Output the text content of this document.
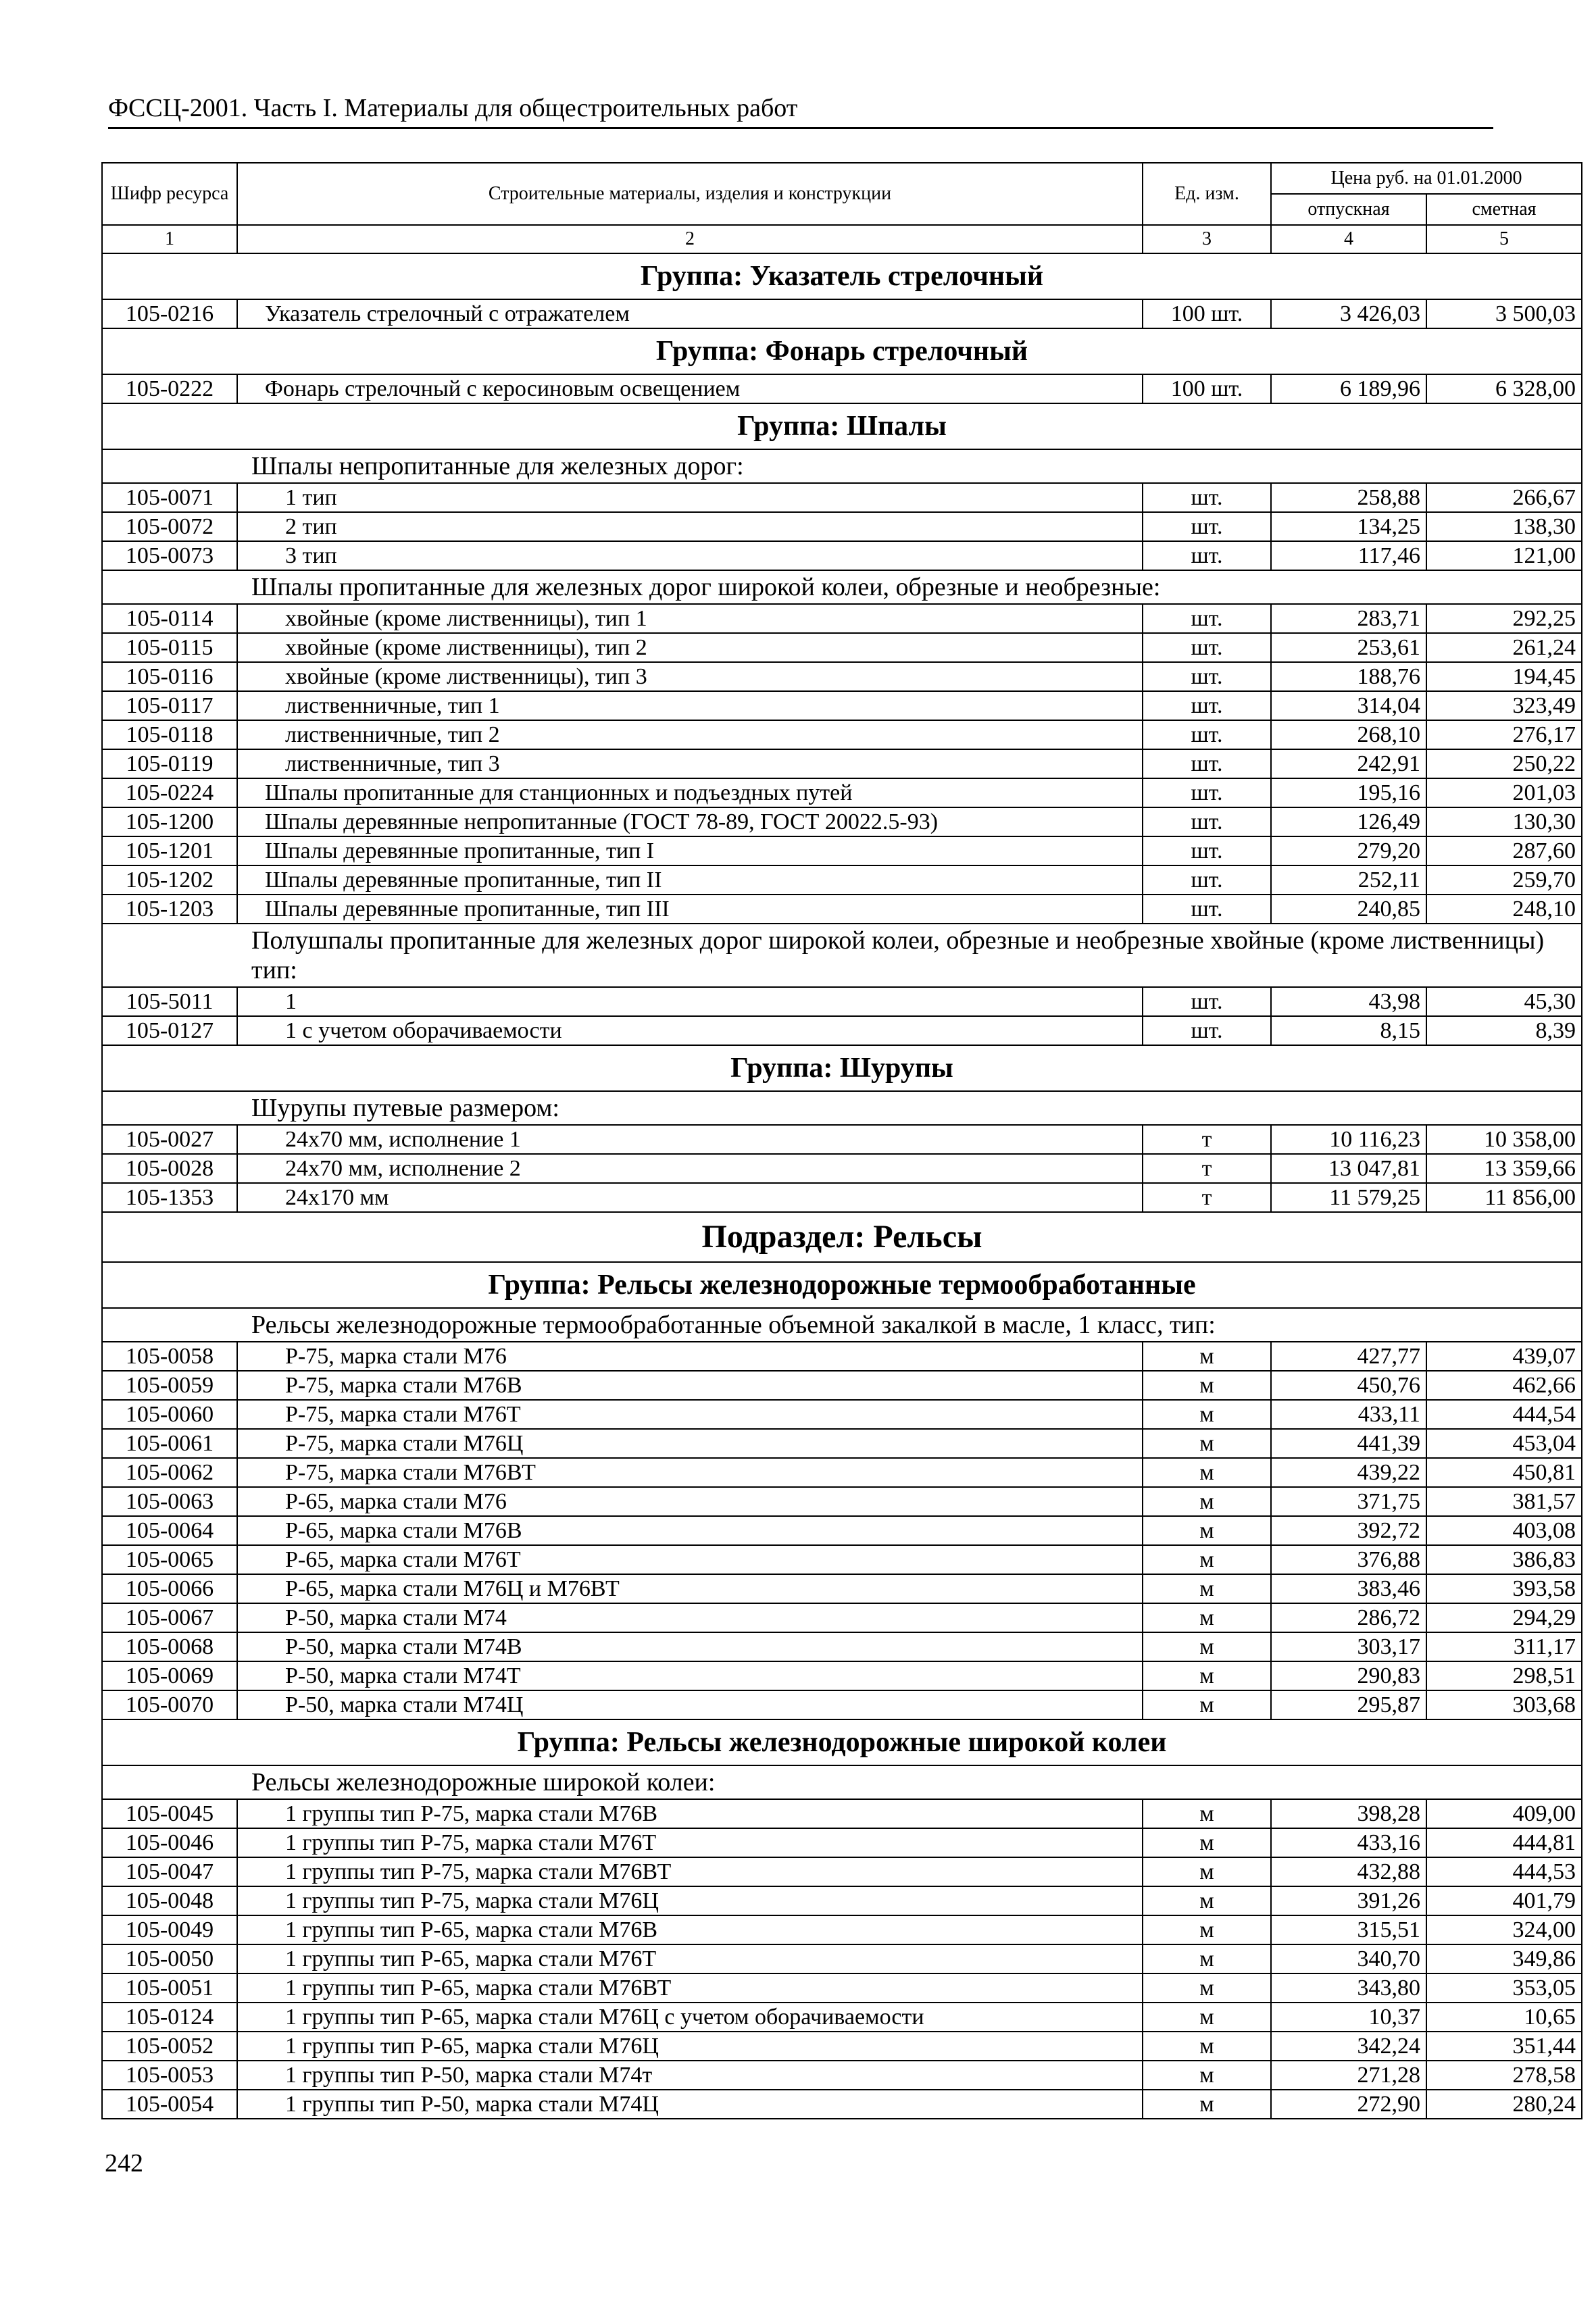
ФССЦ-2001. Часть I. Материалы для общестроительных работ
Шифр ресурса	Строительные материалы, изделия и конструкции	Ед. изм.	Цена руб. на 01.01.2000	
			отпускная	сметная
1	2	3	4	5
Группа: Указатель стрелочный				
105-0216	Указатель стрелочный с отражателем	100 шт.	3 426,03	3 500,03
Группа: Фонарь стрелочный				
105-0222	Фонарь стрелочный с керосиновым освещением	100 шт.	6 189,96	6 328,00
Группа: Шпалы				
Шпалы непропитанные для железных дорог:				
105-0071	1 тип	шт.	258,88	266,67
105-0072	2 тип	шт.	134,25	138,30
105-0073	3 тип	шт.	117,46	121,00
Шпалы пропитанные для железных дорог широкой колеи, обрезные и необрезные:				
105-0114	хвойные (кроме лиственницы), тип 1	шт.	283,71	292,25
105-0115	хвойные (кроме лиственницы), тип 2	шт.	253,61	261,24
105-0116	хвойные (кроме лиственницы), тип 3	шт.	188,76	194,45
105-0117	лиственничные, тип 1	шт.	314,04	323,49
105-0118	лиственничные, тип 2	шт.	268,10	276,17
105-0119	лиственничные, тип 3	шт.	242,91	250,22
105-0224	Шпалы пропитанные для станционных и подъездных путей	шт.	195,16	201,03
105-1200	Шпалы деревянные непропитанные (ГОСТ 78-89, ГОСТ 20022.5-93)	шт.	126,49	130,30
105-1201	Шпалы деревянные пропитанные, тип I	шт.	279,20	287,60
105-1202	Шпалы деревянные пропитанные, тип II	шт.	252,11	259,70
105-1203	Шпалы деревянные пропитанные, тип III	шт.	240,85	248,10
Полушпалы пропитанные для железных дорог широкой колеи, обрезные и необрезные хвойные (кроме лиственницы) тип:				
105-5011	1	шт.	43,98	45,30
105-0127	1 с учетом оборачиваемости	шт.	8,15	8,39
Группа: Шурупы				
Шурупы путевые размером:				
105-0027	24х70 мм, исполнение 1	т	10 116,23	10 358,00
105-0028	24х70 мм, исполнение 2	т	13 047,81	13 359,66
105-1353	24х170 мм	т	11 579,25	11 856,00
Подраздел: Рельсы				
Группа: Рельсы железнодорожные термообработанные				
Рельсы железнодорожные термообработанные объемной закалкой в масле, 1 класс, тип:				
105-0058	Р-75, марка стали М76	м	427,77	439,07
105-0059	Р-75, марка стали М76В	м	450,76	462,66
105-0060	Р-75, марка стали М76Т	м	433,11	444,54
105-0061	Р-75, марка стали М76Ц	м	441,39	453,04
105-0062	Р-75, марка стали М76ВТ	м	439,22	450,81
105-0063	Р-65, марка стали М76	м	371,75	381,57
105-0064	Р-65, марка стали М76В	м	392,72	403,08
105-0065	Р-65, марка стали М76Т	м	376,88	386,83
105-0066	Р-65, марка стали М76Ц и М76ВТ	м	383,46	393,58
105-0067	Р-50, марка стали М74	м	286,72	294,29
105-0068	Р-50, марка стали М74В	м	303,17	311,17
105-0069	Р-50, марка стали М74Т	м	290,83	298,51
105-0070	Р-50, марка стали М74Ц	м	295,87	303,68
Группа: Рельсы железнодорожные широкой колеи				
Рельсы железнодорожные широкой колеи:				
105-0045	1 группы тип Р-75, марка стали М76В	м	398,28	409,00
105-0046	1 группы тип Р-75, марка стали М76Т	м	433,16	444,81
105-0047	1 группы тип Р-75, марка стали М76ВТ	м	432,88	444,53
105-0048	1 группы тип Р-75, марка стали М76Ц	м	391,26	401,79
105-0049	1 группы тип Р-65, марка стали М76В	м	315,51	324,00
105-0050	1 группы тип Р-65, марка стали М76Т	м	340,70	349,86
105-0051	1 группы тип Р-65, марка стали М76ВТ	м	343,80	353,05
105-0124	1 группы тип Р-65, марка стали М76Ц с учетом оборачиваемости	м	10,37	10,65
105-0052	1 группы тип Р-65, марка стали М76Ц	м	342,24	351,44
105-0053	1 группы тип Р-50, марка стали М74т	м	271,28	278,58
105-0054	1 группы тип Р-50, марка стали М74Ц	м	272,90	280,24
242
